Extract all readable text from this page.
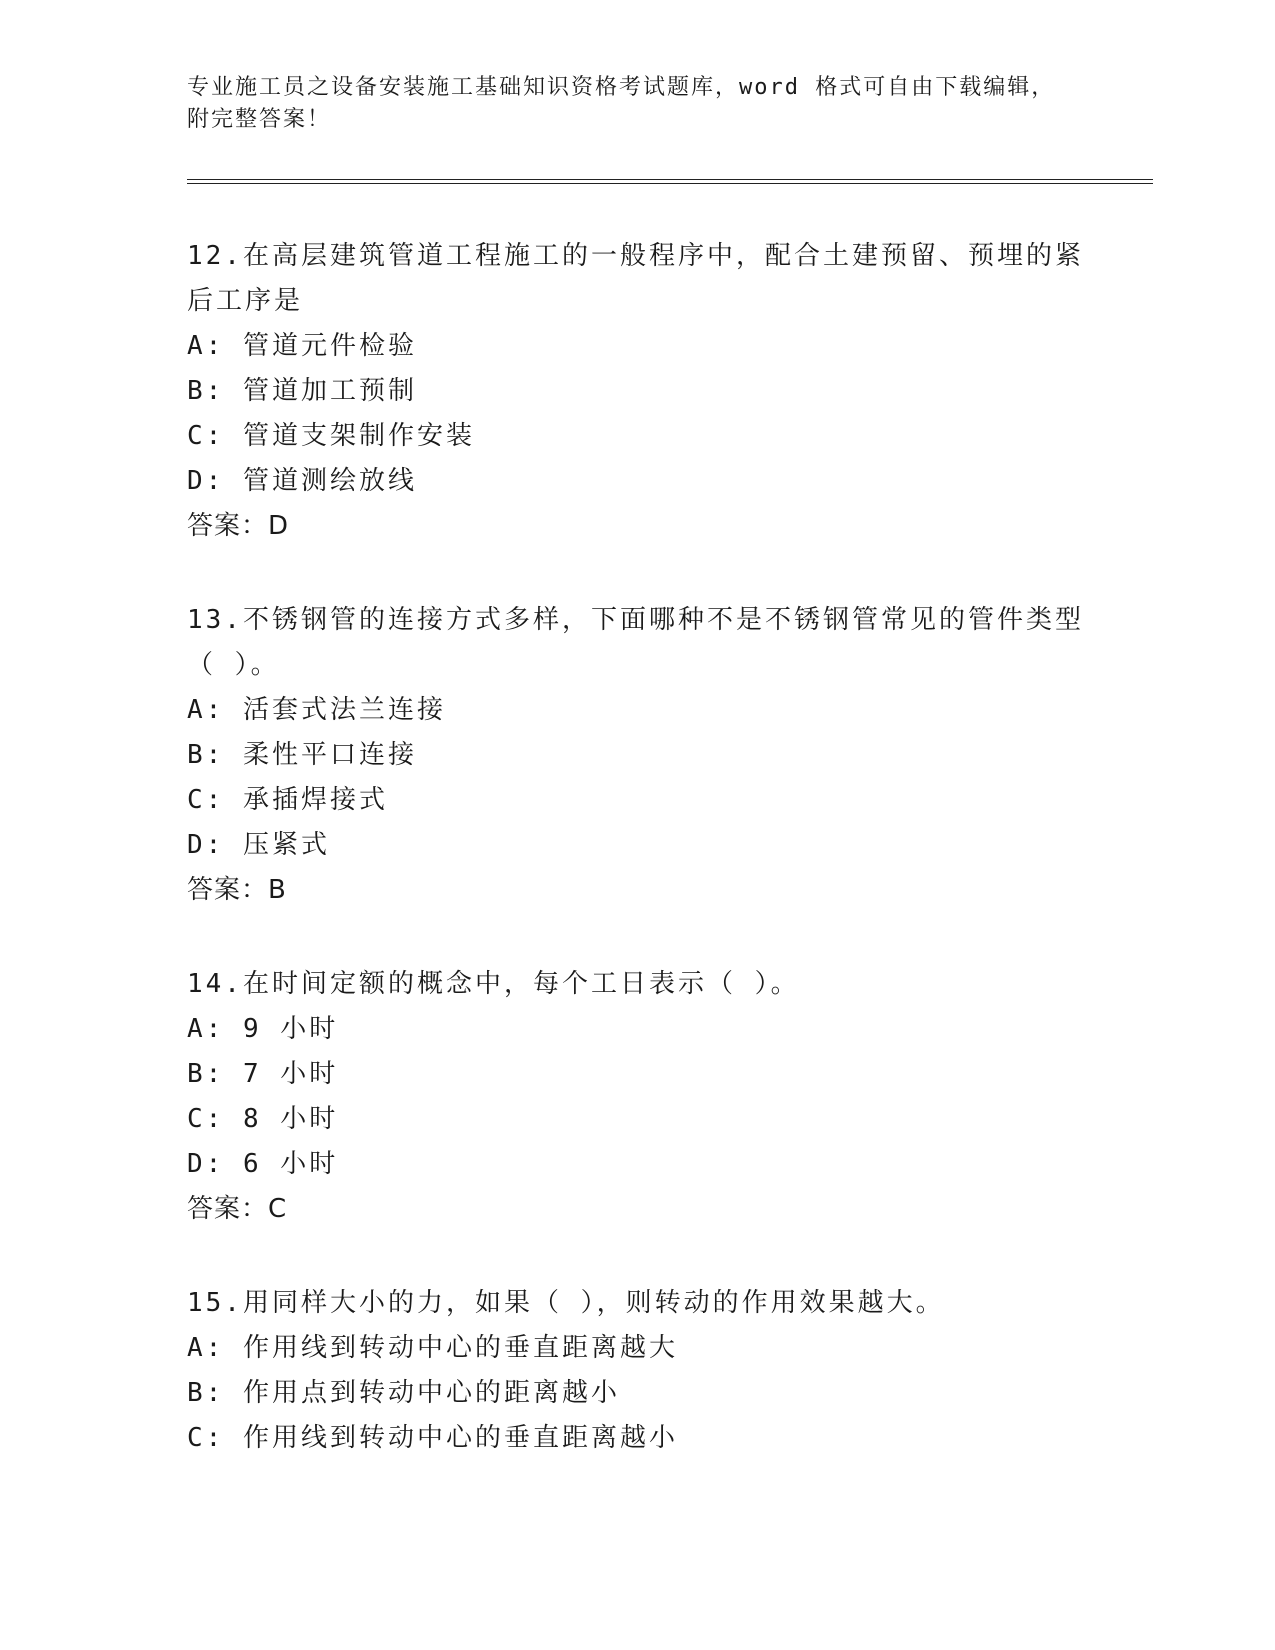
专业施工员之设备安装施工基础知识资格考试题库，word 格式可自由下载编辑，
附完整答案！
12.在高层建筑管道工程施工的一般程序中，配合土建预留、预埋的紧
后工序是
A: 管道元件检验
B: 管道加工预制
C: 管道支架制作安装
D: 管道测绘放线
答案：D
13.不锈钢管的连接方式多样，下面哪种不是不锈钢管常见的管件类型
（ ）。
A: 活套式法兰连接
B: 柔性平口连接
C: 承插焊接式
D: 压紧式
答案：B
14.在时间定额的概念中，每个工日表示（ ）。
A: 9 小时
B: 7 小时
C: 8 小时
D: 6 小时
答案：C
15.用同样大小的力，如果（ ），则转动的作用效果越大。
A: 作用线到转动中心的垂直距离越大
B: 作用点到转动中心的距离越小
C: 作用线到转动中心的垂直距离越小
